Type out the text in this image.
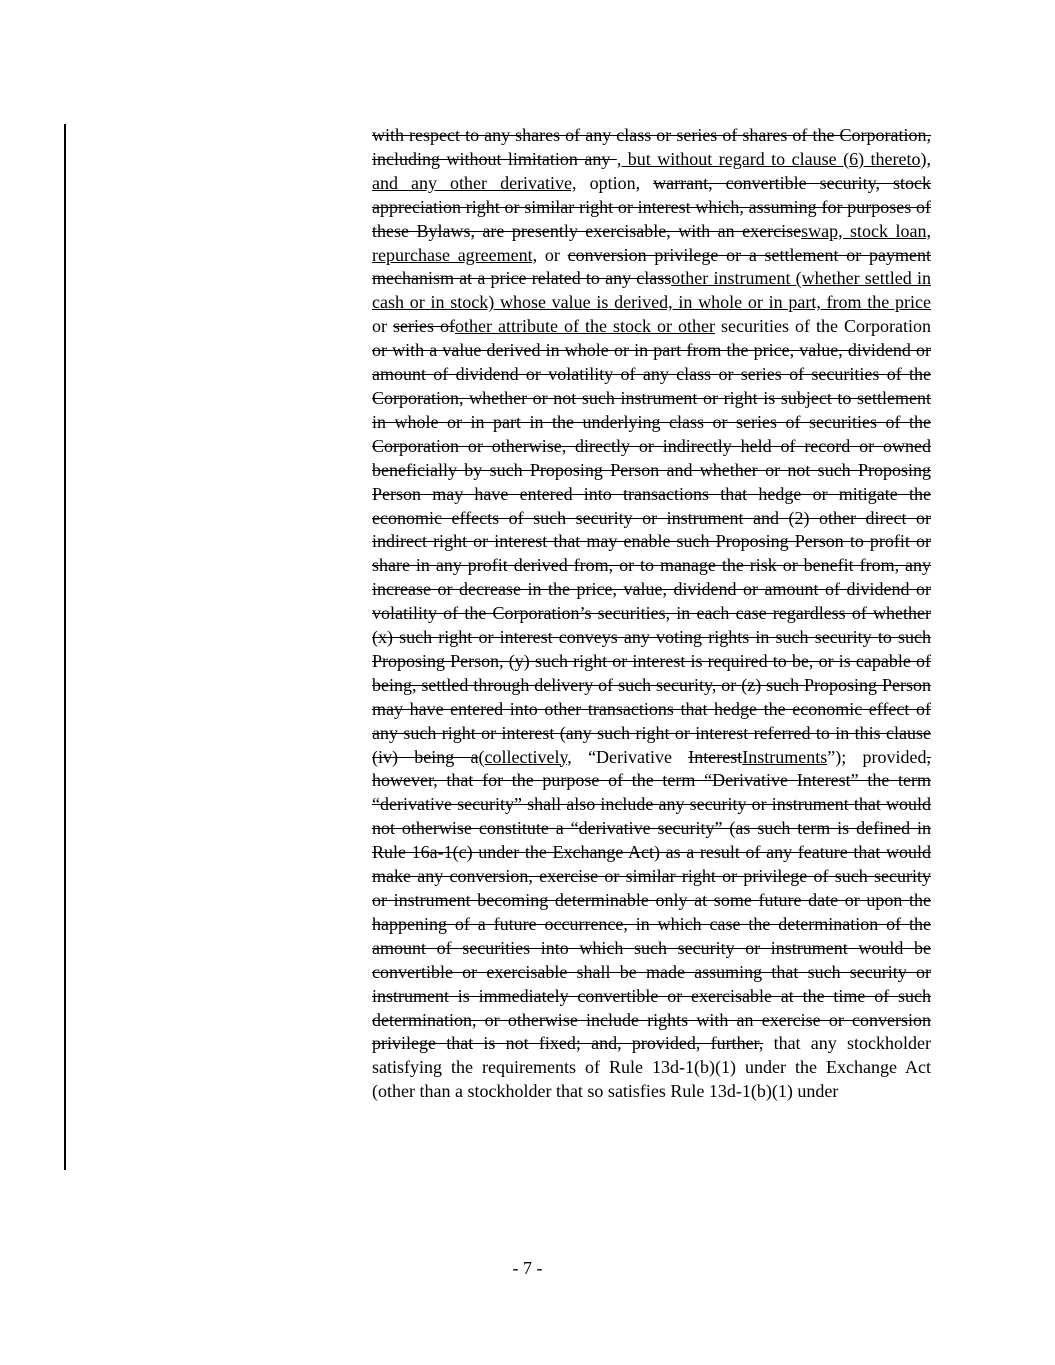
with respect to any shares of any class or series of shares of the Corporation, including without limitation any , but without regard to clause (6) thereto), and any other derivative, option, warrant, convertible security, stock appreciation right or similar right or interest which, assuming for purposes of these Bylaws, are presently exercisable, with an exerciseswap, stock loan, repurchase agreement, or conversion privilege or a settlement or payment mechanism at a price related to any classother instrument (whether settled in cash or in stock) whose value is derived, in whole or in part, from the price or series ofother attribute of the stock or other securities of the Corporation or with a value derived in whole or in part from the price, value, dividend or amount of dividend or volatility of any class or series of securities of the Corporation, whether or not such instrument or right is subject to settlement in whole or in part in the underlying class or series of securities of the Corporation or otherwise, directly or indirectly held of record or owned beneficially by such Proposing Person and whether or not such Proposing Person may have entered into transactions that hedge or mitigate the economic effects of such security or instrument and (2) other direct or indirect right or interest that may enable such Proposing Person to profit or share in any profit derived from, or to manage the risk or benefit from, any increase or decrease in the price, value, dividend or amount of dividend or volatility of the Corporation’s securities, in each case regardless of whether (x) such right or interest conveys any voting rights in such security to such Proposing Person, (y) such right or interest is required to be, or is capable of being, settled through delivery of such security, or (z) such Proposing Person may have entered into other transactions that hedge the economic effect of any such right or interest (any such right or interest referred to in this clause (iv) being a(collectively, “Derivative InterestInstruments”); provided, however, that for the purpose of the term “Derivative Interest” the term “derivative security” shall also include any security or instrument that would not otherwise constitute a “derivative security” (as such term is defined in Rule 16a-1(c) under the Exchange Act) as a result of any feature that would make any conversion, exercise or similar right or privilege of such security or instrument becoming determinable only at some future date or upon the happening of a future occurrence, in which case the determination of the amount of securities into which such security or instrument would be convertible or exercisable shall be made assuming that such security or instrument is immediately convertible or exercisable at the time of such determination, or otherwise include rights with an exercise or conversion privilege that is not fixed; and, provided, further, that any stockholder satisfying the requirements of Rule 13d-1(b)(1) under the Exchange Act (other than a stockholder that so satisfies Rule 13d-1(b)(1) under

- 7 -
